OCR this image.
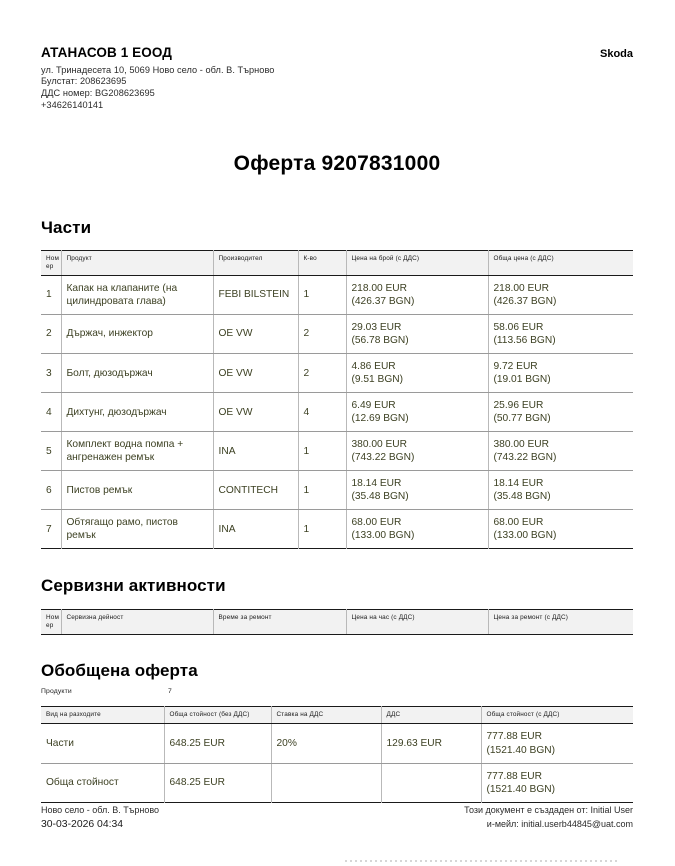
АТАНАСОВ 1 ЕООД
ул. Тринадесета 10, 5069 Ново село - обл. В. Търново
Булстат: 208623695
ДДС номер: BG208623695
+34626140141
Skoda
Оферта 9207831000
Части
Ном ер	Продукт	Производител	К-во	Цена на брой (с ДДС)	Обща цена (с ДДС)
1	Капак на клапаните (на цилиндровата глава)	FEBI BILSTEIN	1	218.00 EUR
(426.37 BGN)	218.00 EUR
(426.37 BGN)

2	Държач, инжектор	OE VW	2	29.03 EUR
(56.78 BGN)	58.06 EUR
(113.56 BGN)

3	Болт, дюзодържач	OE VW	2	4.86 EUR
(9.51 BGN)	9.72 EUR
(19.01 BGN)

4	Дихтунг, дюзодържач	OE VW	4	6.49 EUR
(12.69 BGN)	25.96 EUR
(50.77 BGN)

5	Комплект водна помпа + ангренажен ремък	INA	1	380.00 EUR
(743.22 BGN)	380.00 EUR
(743.22 BGN)

6	Пистов ремък	CONTITECH	1	18.14 EUR
(35.48 BGN)	18.14 EUR
(35.48 BGN)

7	Обтягащо рамо, пистов ремък	INA	1	68.00 EUR
(133.00 BGN)	68.00 EUR
(133.00 BGN)
Сервизни активности
Ном ер	Сервизна дейност	Време за ремонт	Цена на час (с ДДС)	Цена за ремонт (с ДДС)
Обобщена оферта
Продукти	7
Вид на разходите	Обща стойност (без ДДС)	Ставка на ДДС	ДДС	Обща стойност (с ДДС)
Части	648.25 EUR	20%	129.63 EUR	777.88 EUR
(1521.40 BGN)

Обща стойност	648.25 EUR			777.88 EUR
(1521.40 BGN)
Ново село - обл. В. Търново
30-03-2026 04:34
Този документ е създаден от: Initial User
и-мейл: initial.userb44845@uat.com
